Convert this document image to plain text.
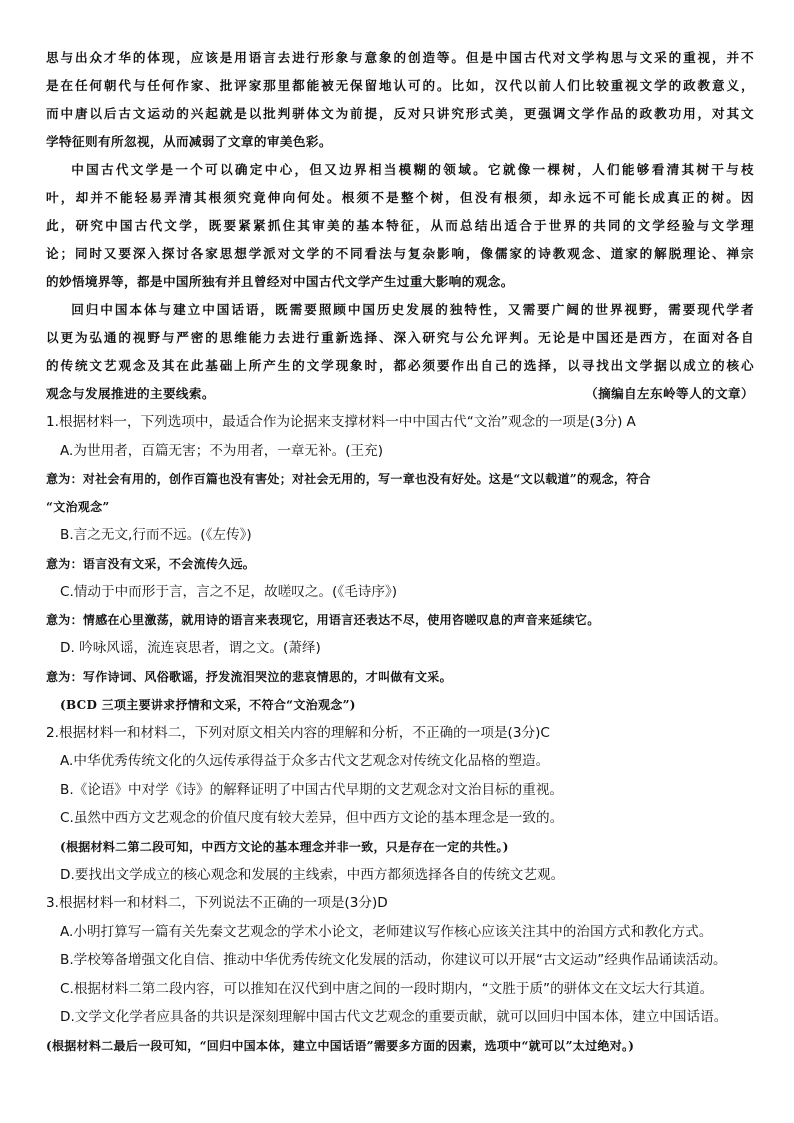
思与出众才华的体现，应该是用语言去进行形象与意象的创造等。但是中国古代对文学构思与文采的重视，并不

是在任何朝代与任何作家、批评家那里都能被无保留地认可的。比如，汉代以前人们比较重视文学的政教意义，

而中唐以后古文运动的兴起就是以批判骈体文为前提，反对只讲究形式美，更强调文学作品的政教功用，对其文

学特征则有所忽视，从而减弱了文章的审美色彩。

中国古代文学是一个可以确定中心，但又边界相当模糊的领域。它就像一棵树，人们能够看清其树干与枝

叶，却并不能轻易弄清其根须究竟伸向何处。根须不是整个树，但没有根须，却永远不可能长成真正的树。因

此，研究中国古代文学，既要紧紧抓住其审美的基本特征，从而总结出适合于世界的共同的文学经验与文学理

论；同时又要深入探讨各家思想学派对文学的不同看法与复杂影响，像儒家的诗教观念、道家的解脱理论、禅宗

的妙悟境界等，都是中国所独有并且曾经对中国古代文学产生过重大影响的观念。

回归中国本体与建立中国话语，既需要照顾中国历史发展的独特性，又需要广阔的世界视野，需要现代学者

以更为弘通的视野与严密的思维能力去进行重新选择、深入研究与公允评判。无论是中国还是西方，在面对各自

的传统文艺观念及其在此基础上所产生的文学现象时，都必须要作出自己的选择，以寻找出文学据以成立的核心

观念与发展推进的主要线索。	（摘编自左东岭等人的文章）

1.根据材料一，下列选项中，最适合作为论据来支撑材料一中中国古代“文治”观念的一项是(3分) A

A.为世用者，百篇无害；不为用者，一章无补。(王充)

意为：对社会有用的，创作百篇也没有害处；对社会无用的，写一章也没有好处。这是“文以载道”的观念，符合

“文治观念”

B.言之无文,行而不远。(《左传》)

意为：语言没有文采，不会流传久远。

C.情动于中而形于言，言之不足，故嗟叹之。(《毛诗序》)

意为：情感在心里激荡，就用诗的语言来表现它，用语言还表达不尽，使用咨嗟叹息的声音来延续它。

D. 吟咏风谣，流连哀思者，谓之文。(萧绎)

意为：写作诗词、风俗歌谣，抒发流泪哭泣的悲哀情思的，才叫做有文采。

(BCD 三项主要讲求抒情和文采，不符合“文治观念”)

2.根据材料一和材料二，下列对原文相关内容的理解和分析，不正确的一项是(3分)C

A.中华优秀传统文化的久远传承得益于众多古代文艺观念对传统文化品格的塑造。

B.《论语》中对学《诗》的解释证明了中国古代早期的文艺观念对文治目标的重视。

C.虽然中西方文艺观念的价值尺度有较大差异，但中西方文论的基本理念是一致的。

(根据材料二第二段可知，中西方文论的基本理念并非一致，只是存在一定的共性。)

D.要找出文学成立的核心观念和发展的主线索，中西方都须选择各自的传统文艺观。

3.根据材料一和材料二，下列说法不正确的一项是(3分)D

A.小明打算写一篇有关先秦文艺观念的学术小论文，老师建议写作核心应该关注其中的治国方式和教化方式。

B.学校筹备增强文化自信、推动中华优秀传统文化发展的活动，你建议可以开展“古文运动”经典作品诵读活动。

C.根据材料二第二段内容，可以推知在汉代到中唐之间的一段时期内，“文胜于质”的骈体文在文坛大行其道。

D.文学文化学者应具备的共识是深刻理解中国古代文艺观念的重要贡献，就可以回归中国本体，建立中国话语。

(根据材料二最后一段可知，“回归中国本体，建立中国话语”需要多方面的因素，选项中“就可以”太过绝对。)
